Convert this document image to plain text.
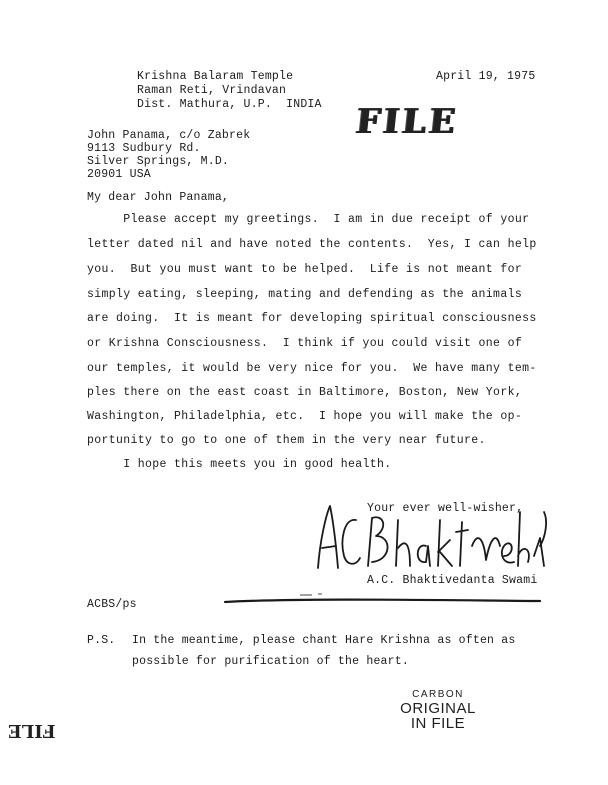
Krishna Balaram Temple
Raman Reti, Vrindavan
Dist. Mathura, U.P.  INDIA
April 19, 1975
FILE
John Panama, c/o Zabrek
9113 Sudbury Rd.
Silver Springs, M.D.
20901 USA
My dear John Panama,
Please accept my greetings.  I am in due receipt of your
letter dated nil and have noted the contents.  Yes, I can help
you.  But you must want to be helped.  Life is not meant for
simply eating, sleeping, mating and defending as the animals
are doing.  It is meant for developing spiritual consciousness
or Krishna Consciousness.  I think if you could visit one of
our temples, it would be very nice for you.  We have many tem-
ples there on the east coast in Baltimore, Boston, New York,
Washington, Philadelphia, etc.  I hope you will make the op-
portunity to go to one of them in the very near future.
I hope this meets you in good health.
Your ever well-wisher,
A.C. Bhaktivedanta Swami
ACBS/ps
P.S. In the meantime, please chant Hare Krishna as often as
possible for purification of the heart.
CARBON
ORIGINAL
IN FILE
FILE
